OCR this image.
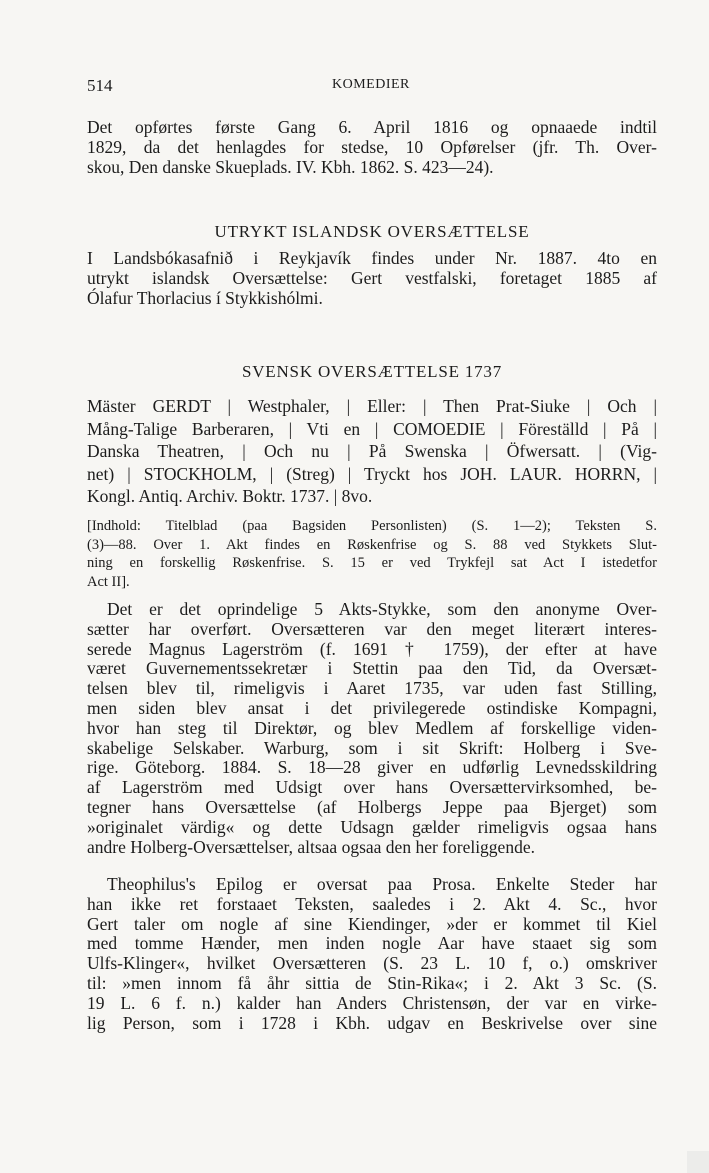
514	KOMEDIER
Det opførtes første Gang 6. April 1816 og opnaaede indtil
1829, da det henlagdes for stedse, 10 Opførelser (jfr. Th. Over-
skou, Den danske Skueplads. IV. Kbh. 1862. S. 423—24).
UTRYKT ISLANDSK OVERSÆTTELSE
I Landsbókasafnið i Reykjavík findes under Nr. 1887. 4to en
utrykt islandsk Oversættelse: Gert vestfalski, foretaget 1885 af
Ólafur Thorlacius í Stykkishólmi.
SVENSK OVERSÆTTELSE 1737
Mäster GERDT | Westphaler, | Eller: | Then Prat-Siuke | Och |
Mång-Talige Barberaren, | Vti en | COMOEDIE | Föreställd | På |
Danska Theatren, | Och nu | På Swenska | Öfwersatt. | (Vig-
net) | STOCKHOLM, | (Streg) | Tryckt hos JOH. LAUR. HORRN, |
Kongl. Antiq. Archiv. Boktr. 1737. | 8vo.
[Indhold: Titelblad (paa Bagsiden Personlisten) (S. 1—2); Teksten S.
(3)—88. Over 1. Akt findes en Røskenfrise og S. 88 ved Stykkets Slut-
ning en forskellig Røskenfrise. S. 15 er ved Trykfejl sat Act I istedetfor
Act II].
Det er det oprindelige 5 Akts-Stykke, som den anonyme Over-
sætter har overført. Oversætteren var den meget literært interes-
serede Magnus Lagerström (f. 1691 † 1759), der efter at have
været Guvernementssekretær i Stettin paa den Tid, da Oversæt-
telsen blev til, rimeligvis i Aaret 1735, var uden fast Stilling,
men siden blev ansat i det privilegerede ostindiske Kompagni,
hvor han steg til Direktør, og blev Medlem af forskellige viden-
skabelige Selskaber. Warburg, som i sit Skrift: Holberg i Sve-
rige. Göteborg. 1884. S. 18—28 giver en udførlig Levnedsskildring
af Lagerström med Udsigt over hans Oversættervirksomhed, be-
tegner hans Oversættelse (af Holbergs Jeppe paa Bjerget) som
»originalet värdig« og dette Udsagn gælder rimeligvis ogsaa hans
andre Holberg-Oversættelser, altsaa ogsaa den her foreliggende.
Theophilus's Epilog er oversat paa Prosa. Enkelte Steder har
han ikke ret forstaaet Teksten, saaledes i 2. Akt 4. Sc., hvor
Gert taler om nogle af sine Kiendinger, »der er kommet til Kiel
med tomme Hænder, men inden nogle Aar have staaet sig som
Ulfs-Klinger«, hvilket Oversætteren (S. 23 L. 10 f, o.) omskriver
til: »men innom få åhr sittia de Stin-Rika«; i 2. Akt 3 Sc. (S.
19 L. 6 f. n.) kalder han Anders Christensøn, der var en virke-
lig Person, som i 1728 i Kbh. udgav en Beskrivelse over sine
